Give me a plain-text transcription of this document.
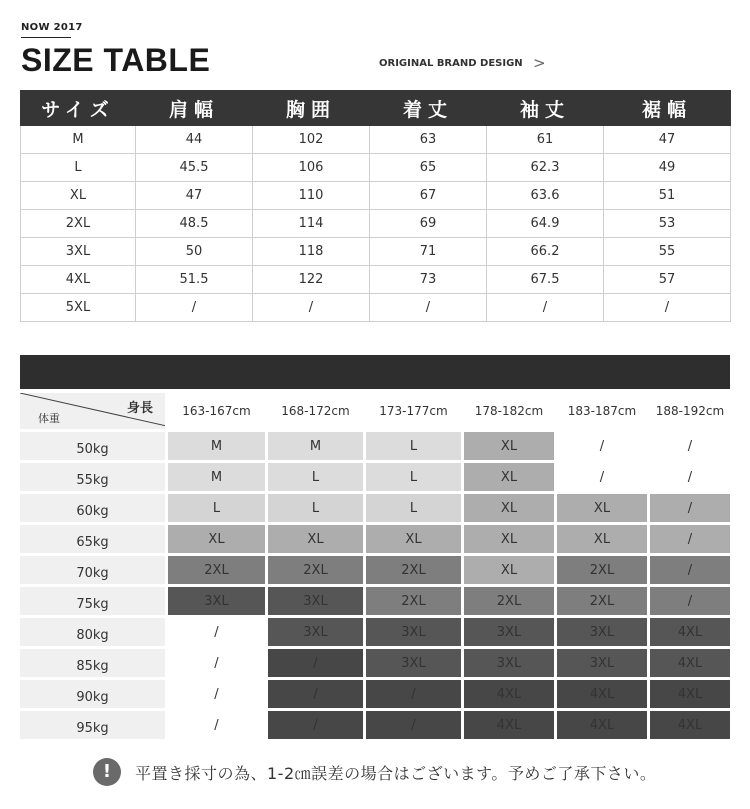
NOW 2017
SIZE TABLE	ORIGINAL BRAND DESIGN >
サイズ	肩幅	胸囲	着丈	袖丈	裾幅
M	44	102	63	61	47
L	45.5	106	65	62.3	49
XL	47	110	67	63.6	51
2XL	48.5	114	69	64.9	53
3XL	50	118	71	66.2	55
4XL	51.5	122	73	67.5	57
5XL	/	/	/	/	/
身長
体重	163-167cm	168-172cm	173-177cm	178-182cm	183-187cm	188-192cm
50kg	M	M	L	XL	/	/
55kg	M	L	L	XL	/	/
60kg	L	L	L	XL	XL	/
65kg	XL	XL	XL	XL	XL	/
70kg	2XL	2XL	2XL	XL	2XL	/
75kg	3XL	3XL	2XL	2XL	2XL	/
80kg	/	3XL	3XL	3XL	3XL	4XL
85kg	/	/	3XL	3XL	3XL	4XL
90kg	/	/	/	4XL	4XL	4XL
95kg	/	/	/	4XL	4XL	4XL
!	平置き採寸の為、1-2㎝誤差の場合はございます。予めご了承下さい。
